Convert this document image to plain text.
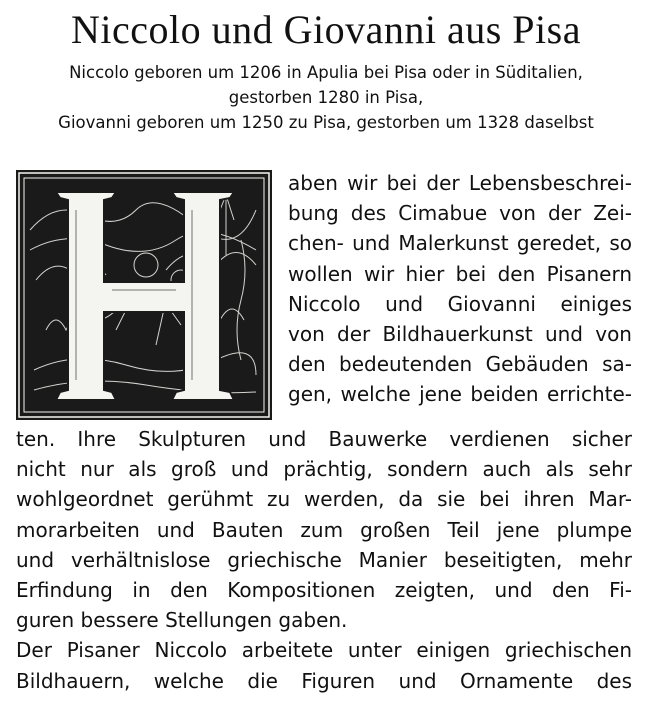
Niccolo und Giovanni aus Pisa
Niccolo geboren um 1206 in Apulia bei Pisa oder in Süditalien,
gestorben 1280 in Pisa,
Giovanni geboren um 1250 zu Pisa, gestorben um 1328 daselbst
aben wir bei der Lebensbeschrei-
bung des Cimabue von der Zei-
chen- und Malerkunst geredet, so
wollen wir hier bei den Pisanern
Niccolo und Giovanni einiges
von der Bildhauerkunst und von
den bedeutenden Gebäuden sa-
gen, welche jene beiden errichte-
ten. Ihre Skulpturen und Bauwerke verdienen sicher
nicht nur als groß und prächtig, sondern auch als sehr
wohlgeordnet gerühmt zu werden, da sie bei ihren Mar-
morarbeiten und Bauten zum großen Teil jene plumpe
und verhältnislose griechische Manier beseitigten, mehr
Erfindung in den Kompositionen zeigten, und den Fi-
guren bessere Stellungen gaben.
Der Pisaner Niccolo arbeitete unter einigen griechischen
Bildhauern, welche die Figuren und Ornamente des
